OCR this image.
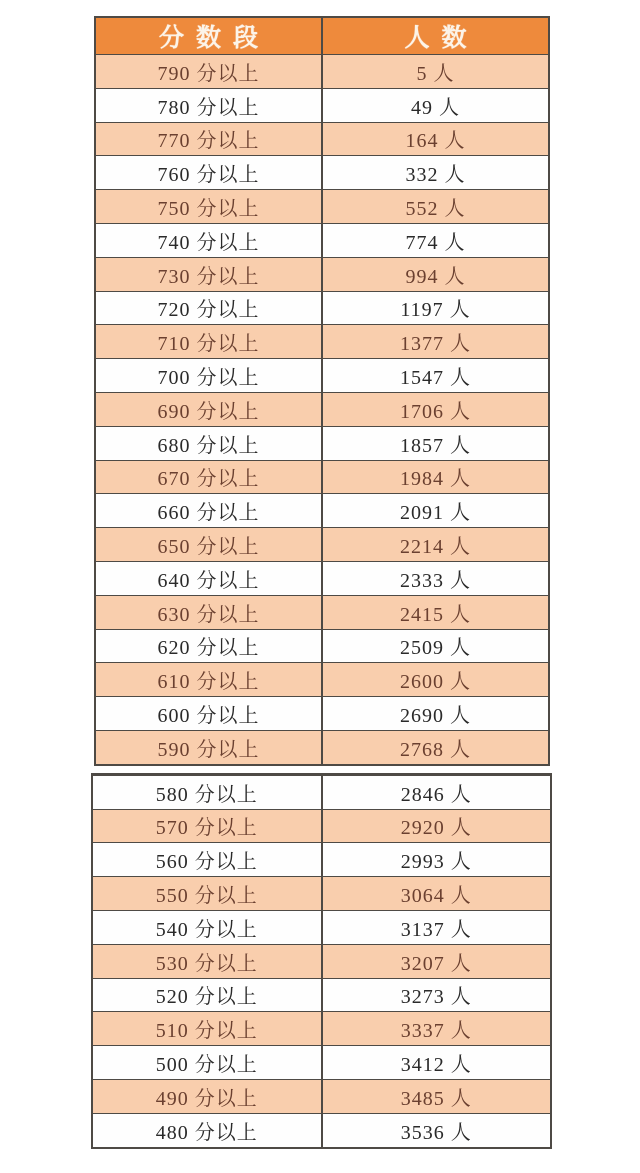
分数段	人数
790 分以上	5 人
780 分以上	49 人
770 分以上	164 人
760 分以上	332 人
750 分以上	552 人
740 分以上	774 人
730 分以上	994 人
720 分以上	1197 人
710 分以上	1377 人
700 分以上	1547 人
690 分以上	1706 人
680 分以上	1857 人
670 分以上	1984 人
660 分以上	2091 人
650 分以上	2214 人
640 分以上	2333 人
630 分以上	2415 人
620 分以上	2509 人
610 分以上	2600 人
600 分以上	2690 人
590 分以上	2768 人
580 分以上	2846 人
570 分以上	2920 人
560 分以上	2993 人
550 分以上	3064 人
540 分以上	3137 人
530 分以上	3207 人
520 分以上	3273 人
510 分以上	3337 人
500 分以上	3412 人
490 分以上	3485 人
480 分以上	3536 人
